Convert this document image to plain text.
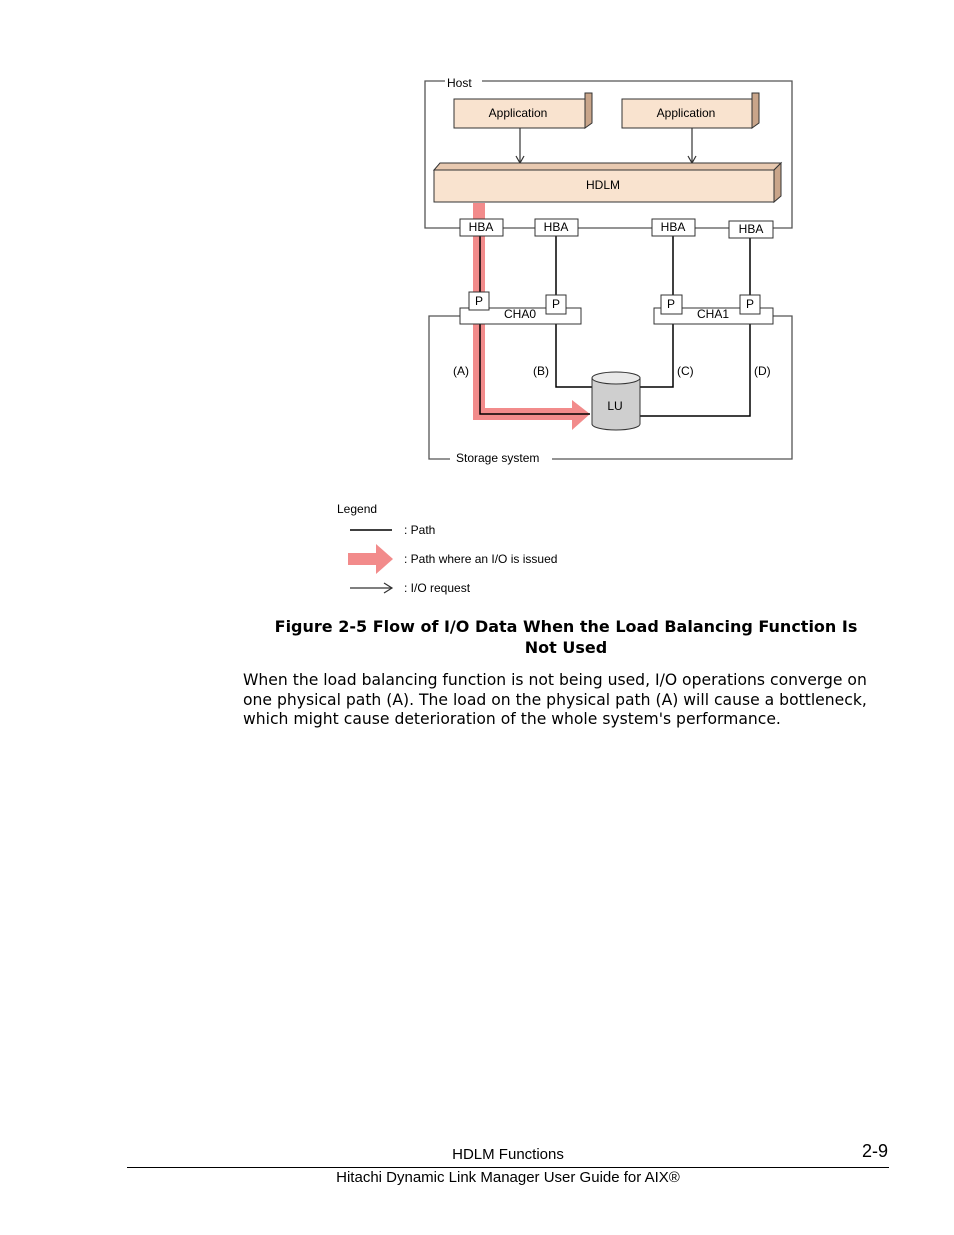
Host
Application	Application
HDLM
Storage system
CHA0	CHA1
P	P	P	P
HBA	HBA	HBA	HBA
(A)	(B)	(C)	(D)
LU
Legend
: Path
: Path where an I/O is issued
: I/O request
Figure 2-5 Flow of I/O Data When the Load Balancing Function Is Not Used
When the load balancing function is not being used, I/O operations converge on one physical path (A). The load on the physical path (A) will cause a bottleneck, which might cause deterioration of the whole system's performance.
HDLM Functions	2-9
Hitachi Dynamic Link Manager User Guide for AIX®
